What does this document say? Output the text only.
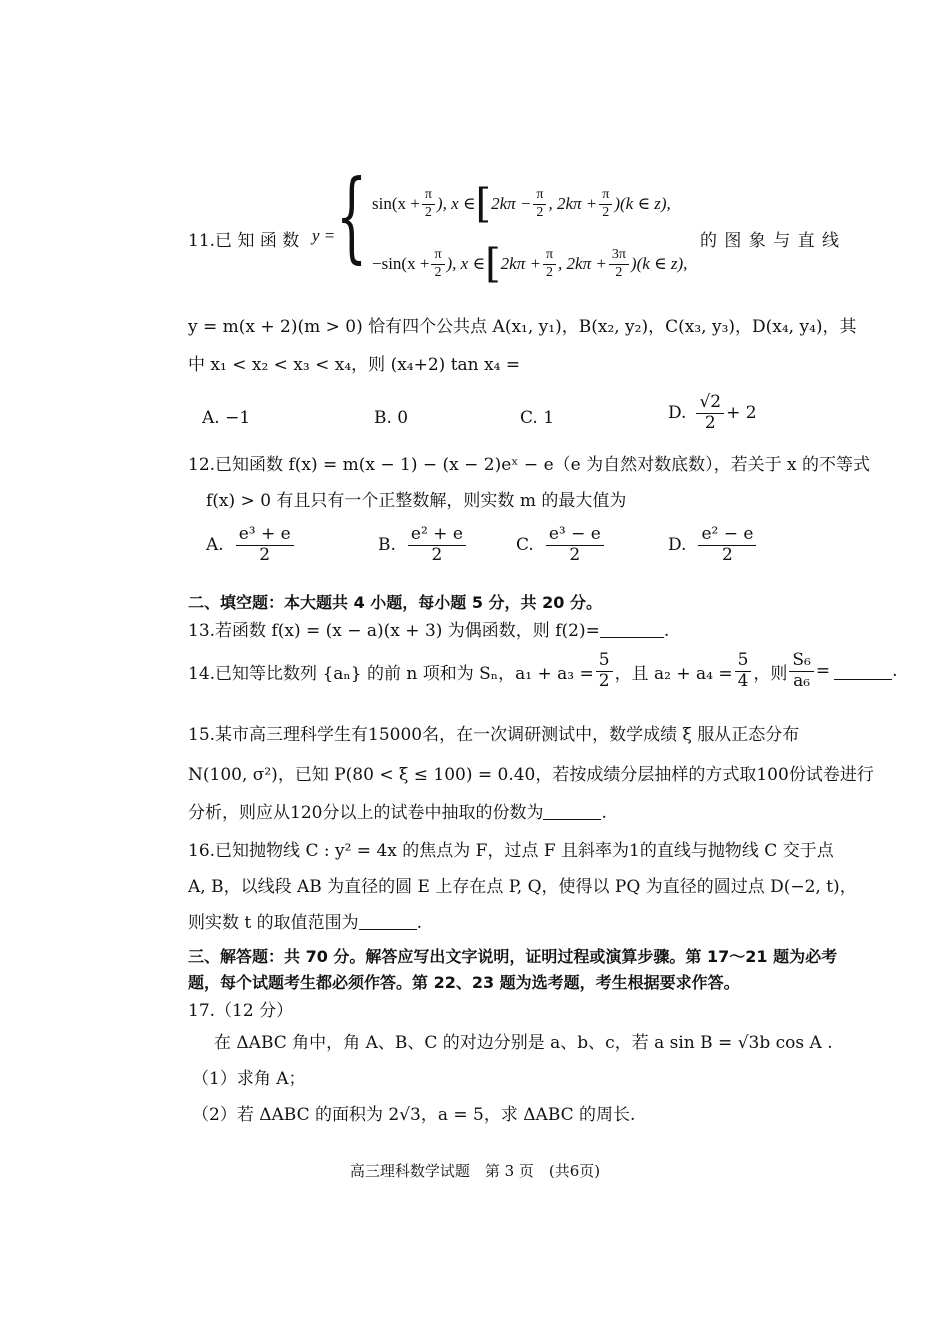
11.已 知 函 数 y = { $\sin(x + \frac{\pi}{2}$ ), x ∈ [ $2k\pi - \frac{\pi}{2}$ , $2k\pi + \frac{\pi}{2} )(k$ ∈ z),
$-\sin(x + \frac{\pi}{2}$ ), x ∈ [ $2k\pi + \frac{\pi}{2}$ , $2k\pi + \frac{3\pi}{2} )(k$ ∈ z),
的 图 象 与 直 线
y = m(x + 2)(m > 0) 恰有四个公共点 A(x₁, y₁)，B(x₂, y₂)，C(x₃, y₃)，D(x₄, y₄)，其
中 x₁ < x₂ < x₃ < x₄，则 (x₄+2) tan x₄ =
A. −1	B. 0	C. 1	D. $\frac{√2}{2} + 2$
12.已知函数 f(x) = m(x − 1) − (x − 2)eˣ − e（e 为自然对数底数），若关于 x 的不等式
f(x) > 0 有且只有一个正整数解，则实数 m 的最大值为
A. $\frac{\text{e³ + e}}{2}$	B. $\frac{\text{e² + e}}{2}$	C. $\frac{\text{e³ − e}}{2}$	D. $\frac{\text{e² − e}}{2}$
二、填空题：本大题共 4 小题，每小题 5 分，共 20 分。
13.若函数 f(x) = (x − a)(x + 3) 为偶函数，则 f(2)=	.
14.已知等比数列 {aₙ} 的前 n 项和为 Sₙ，$a_1 + a_3 = \frac{5}{2}$ ，且 $a_2 + a_4 = \frac{5}{4}$ ，则 $\frac{\text{S₆}}{\text{a₆}}$ =	.
15.某市高三理科学生有15000名，在一次调研测试中，数学成绩 ξ 服从正态分布
N(100, σ²)，已知 P(80 < ξ ≤ 100) = 0.40，若按成绩分层抽样的方式取100份试卷进行
分析，则应从120分以上的试卷中抽取的份数为	.
16.已知抛物线 C : y² = 4x 的焦点为 F，过点 F 且斜率为1的直线与抛物线 C 交于点
A, B，以线段 AB 为直径的圆 E 上存在点 P, Q，使得以 PQ 为直径的圆过点 D(−2, t)，
则实数 t 的取值范围为	.
三、解答题：共 70 分。解答应写出文字说明，证明过程或演算步骤。第 17～21 题为必考
题，每个试题考生都必须作答。第 22、23 题为选考题，考生根据要求作答。
17.（12 分）
在 ΔABC 角中，角 A、B、C 的对边分别是 a、b、c，若 a sin B = √3b cos A .
（1）求角 A；
（2）若 ΔABC 的面积为 2√3，a = 5，求 ΔABC 的周长.
高三理科数学试题　第 3 页　(共6页)
